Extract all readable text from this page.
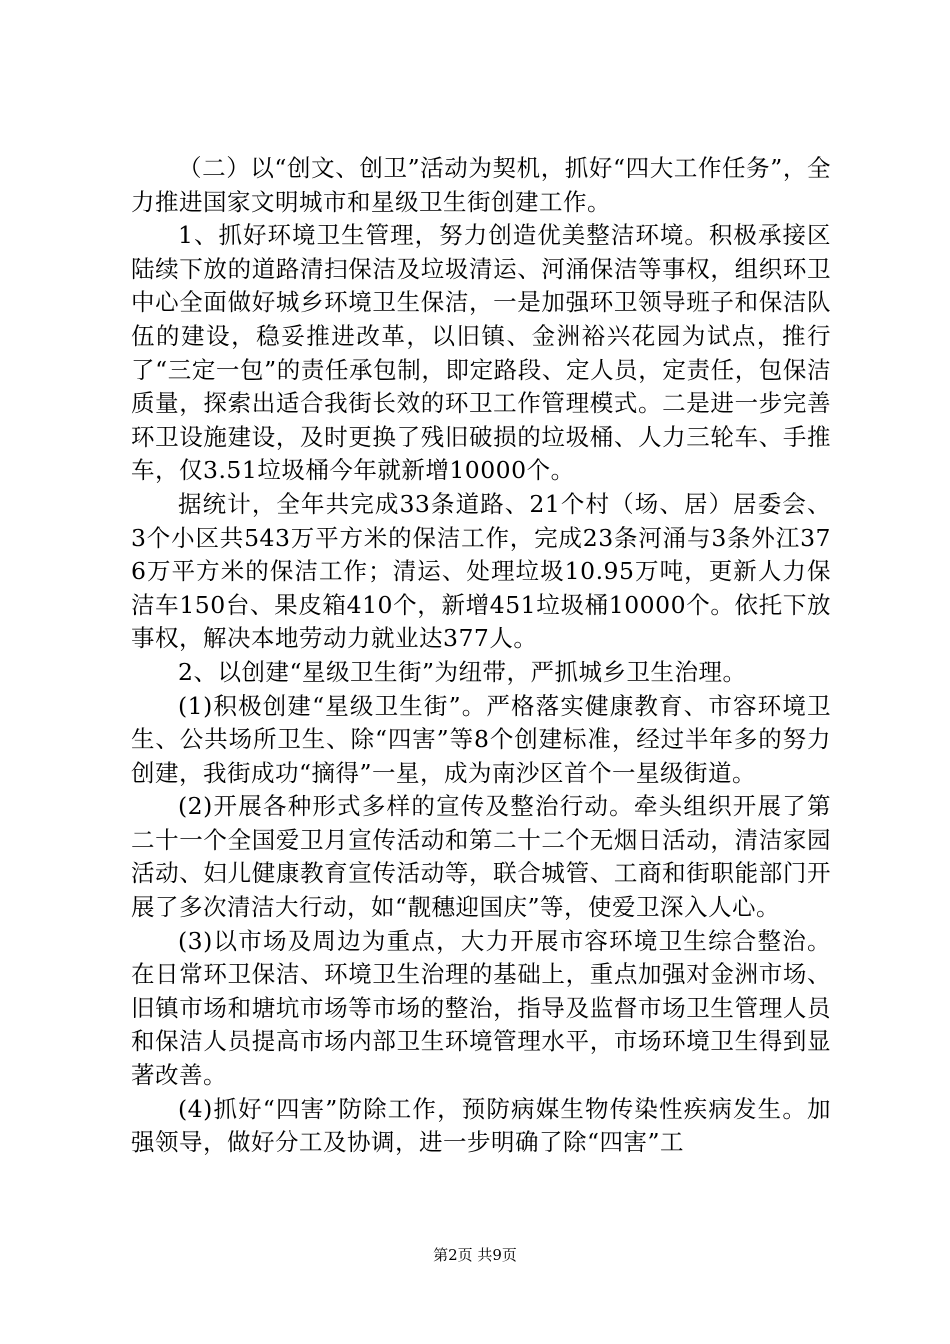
（二）以“创文、创卫”活动为契机，抓好“四大工作任务”，全力推进国家文明城市和星级卫生街创建工作。

1、抓好环境卫生管理，努力创造优美整洁环境。积极承接区陆续下放的道路清扫保洁及垃圾清运、河涌保洁等事权，组织环卫中心全面做好城乡环境卫生保洁，一是加强环卫领导班子和保洁队伍的建设，稳妥推进改革，以旧镇、金洲裕兴花园为试点，推行了“三定一包”的责任承包制，即定路段、定人员，定责任，包保洁质量，探索出适合我街长效的环卫工作管理模式。二是进一步完善环卫设施建设，及时更换了残旧破损的垃圾桶、人力三轮车、手推车，仅3.51垃圾桶今年就新增10000个。

据统计，全年共完成33条道路、21个村（场、居）居委会、3个小区共543万平方米的保洁工作，完成23条河涌与3条外江376万平方米的保洁工作；清运、处理垃圾10.95万吨，更新人力保洁车150台、果皮箱410个，新增451垃圾桶10000个。依托下放事权，解决本地劳动力就业达377人。

2、以创建“星级卫生街”为纽带，严抓城乡卫生治理。

(1)积极创建“星级卫生街”。严格落实健康教育、市容环境卫生、公共场所卫生、除“四害”等8个创建标准，经过半年多的努力创建，我街成功“摘得”一星，成为南沙区首个一星级街道。

(2)开展各种形式多样的宣传及整治行动。牵头组织开展了第二十一个全国爱卫月宣传活动和第二十二个无烟日活动，清洁家园活动、妇儿健康教育宣传活动等，联合城管、工商和街职能部门开展了多次清洁大行动，如“靓穗迎国庆”等，使爱卫深入人心。

(3)以市场及周边为重点，大力开展市容环境卫生综合整治。在日常环卫保洁、环境卫生治理的基础上，重点加强对金洲市场、旧镇市场和塘坑市场等市场的整治，指导及监督市场卫生管理人员和保洁人员提高市场内部卫生环境管理水平，市场环境卫生得到显著改善。

(4)抓好“四害”防除工作，预防病媒生物传染性疾病发生。加强领导，做好分工及协调，进一步明确了除“四害”工

第2页 共9页
